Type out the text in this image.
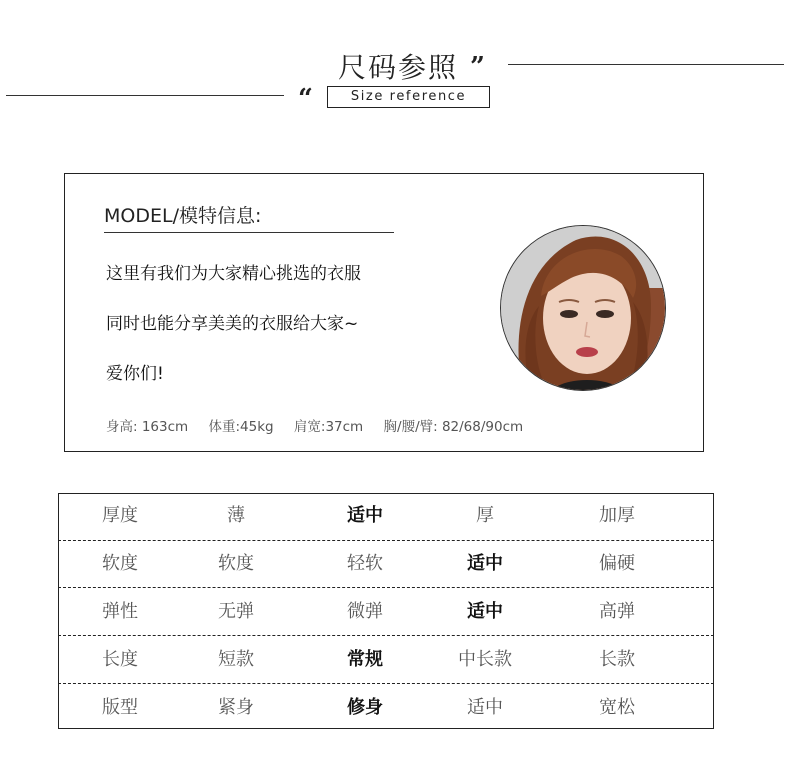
尺码参照 ”
“	Size reference
MODEL/模特信息:
这里有我们为大家精心挑选的衣服
同时也能分享美美的衣服给大家~
爱你们!
身高: 163cm 体重:45kg 肩宽:37cm 胸/腰/臂: 82/68/90cm
厚度	薄	适中	厚	加厚
软度	软度	轻软	适中	偏硬
弹性	无弹	微弹	适中	高弹
长度	短款	常规	中长款	长款
版型	紧身	修身	适中	宽松
